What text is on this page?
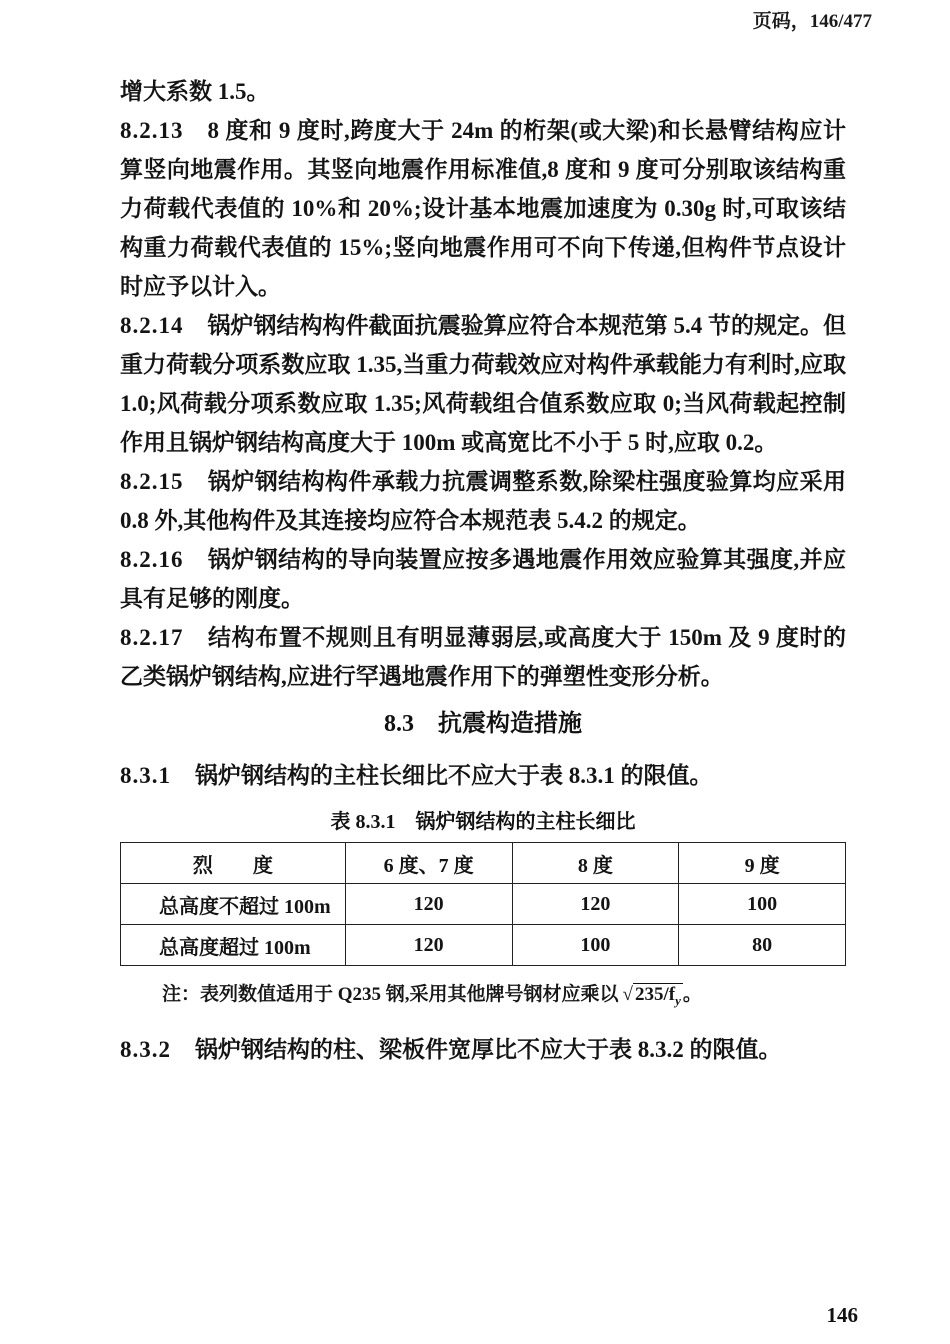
页码，146/477

增大系数 1.5。

8.2.13 8 度和 9 度时,跨度大于 24m 的桁架(或大梁)和长悬臂结构应计算竖向地震作用。其竖向地震作用标准值,8 度和 9 度可分别取该结构重力荷载代表值的 10%和 20%;设计基本地震加速度为 0.30g 时,可取该结构重力荷载代表值的 15%;竖向地震作用可不向下传递,但构件节点设计时应予以计入。

8.2.14 锅炉钢结构构件截面抗震验算应符合本规范第 5.4 节的规定。但重力荷载分项系数应取 1.35,当重力荷载效应对构件承载能力有利时,应取 1.0;风荷载分项系数应取 1.35;风荷载组合值系数应取 0;当风荷载起控制作用且锅炉钢结构高度大于 100m 或高宽比不小于 5 时,应取 0.2。

8.2.15 锅炉钢结构构件承载力抗震调整系数,除梁柱强度验算均应采用 0.8 外,其他构件及其连接均应符合本规范表 5.4.2 的规定。

8.2.16 锅炉钢结构的导向装置应按多遇地震作用效应验算其强度,并应具有足够的刚度。

8.2.17 结构布置不规则且有明显薄弱层,或高度大于 150m 及 9 度时的乙类锅炉钢结构,应进行罕遇地震作用下的弹塑性变形分析。

8.3　抗震构造措施

8.3.1 锅炉钢结构的主柱长细比不应大于表 8.3.1 的限值。

表 8.3.1　锅炉钢结构的主柱长细比
烈　　度	6 度、7 度	8 度	9 度
总高度不超过 100m	120	120	100
总高度超过 100m	120	100	80

注：表列数值适用于 Q235 钢,采用其他牌号钢材应乘以 √ $235/f_y$ 。

8.3.2 锅炉钢结构的柱、梁板件宽厚比不应大于表 8.3.2 的限值。

146
